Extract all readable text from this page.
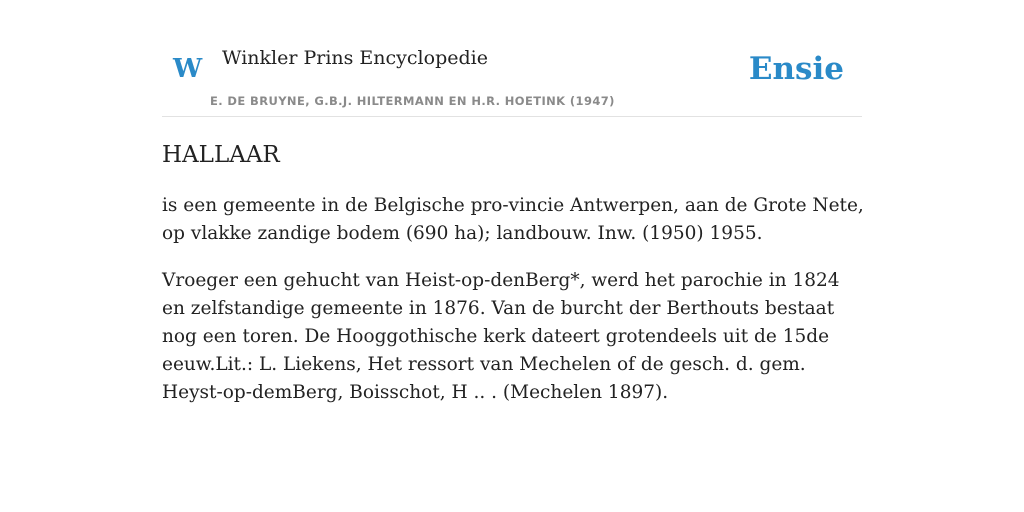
W Winkler Prins Encyclopedie
E. DE BRUYNE, G.B.J. HILTERMANN EN H.R. HOETINK (1947)
Ensie
HALLAAR

is een gemeente in de Belgische pro-vincie Antwerpen, aan de Grote Nete, op vlakke zandige bodem (690 ha); landbouw. Inw. (1950) 1955.

Vroeger een gehucht van Heist-op-denBerg*, werd het parochie in 1824 en zelfstandige gemeente in 1876. Van de burcht der Berthouts bestaat nog een toren. De Hooggothische kerk dateert grotendeels uit de 15de eeuw.Lit.: L. Liekens, Het ressort van Mechelen of de gesch. d. gem. Heyst-op-demBerg, Boisschot, H .. . (Mechelen 1897).
